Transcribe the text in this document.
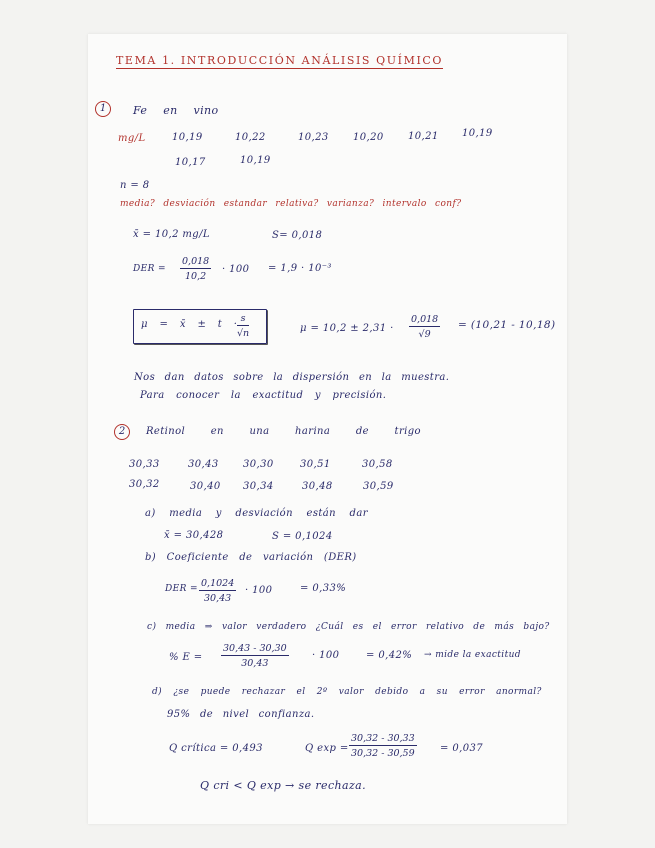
TEMA 1. INTRODUCCIÓN ANÁLISIS QUÍMICO
1	Fe en vino
mg/L	10,19	10,22	10,23 10,20 10,21 10,19
10,17	10,19
n = 8
media? desviación estandar relativa? varianza? intervalo conf?
x̄ = 10,2 mg/L	S= 0,018
DER = $\frac{0,018}{10,2} \cdot 100 = 1,9 \cdot 10^{-3}$
μ = x̄ ± $t \cdot \frac{s}{√n}$	$\mu = 10,2 \pm 2,31 \cdot \frac{0,018}{√9} = (10,21 - 10,18)$
Nos dan datos sobre la dispersión en la muestra.
Para conocer la exactitud y precisión.
2	Retinol en una harina de trigo
30,33	30,43 30,30	30,51	30,58
30,32	30,40 30,34	30,48	30,59
a) media y desviación están dar
x̄ = 30,428	S = 0,1024
b) Coeficiente de variación (DER)
DER = $\frac{0,1024}{30,43} \cdot 100$	= 0,33%
c) media ⇒ valor verdadero ¿Cuál es el error relativo de más bajo?
% $E = \frac{30,43 - 30,30}{30,43} \cdot 100$	= 0,42% → mide la exactitud
d) ¿se puede rechazar el 2º valor debido a su error anormal?
95% de nivel confianza.
Q crítica = 0,493	Q $\exp = \frac{30,32 - 30,33}{30,32 - 30,59} = 0,037$
Q cri < Q exp → se rechaza.
